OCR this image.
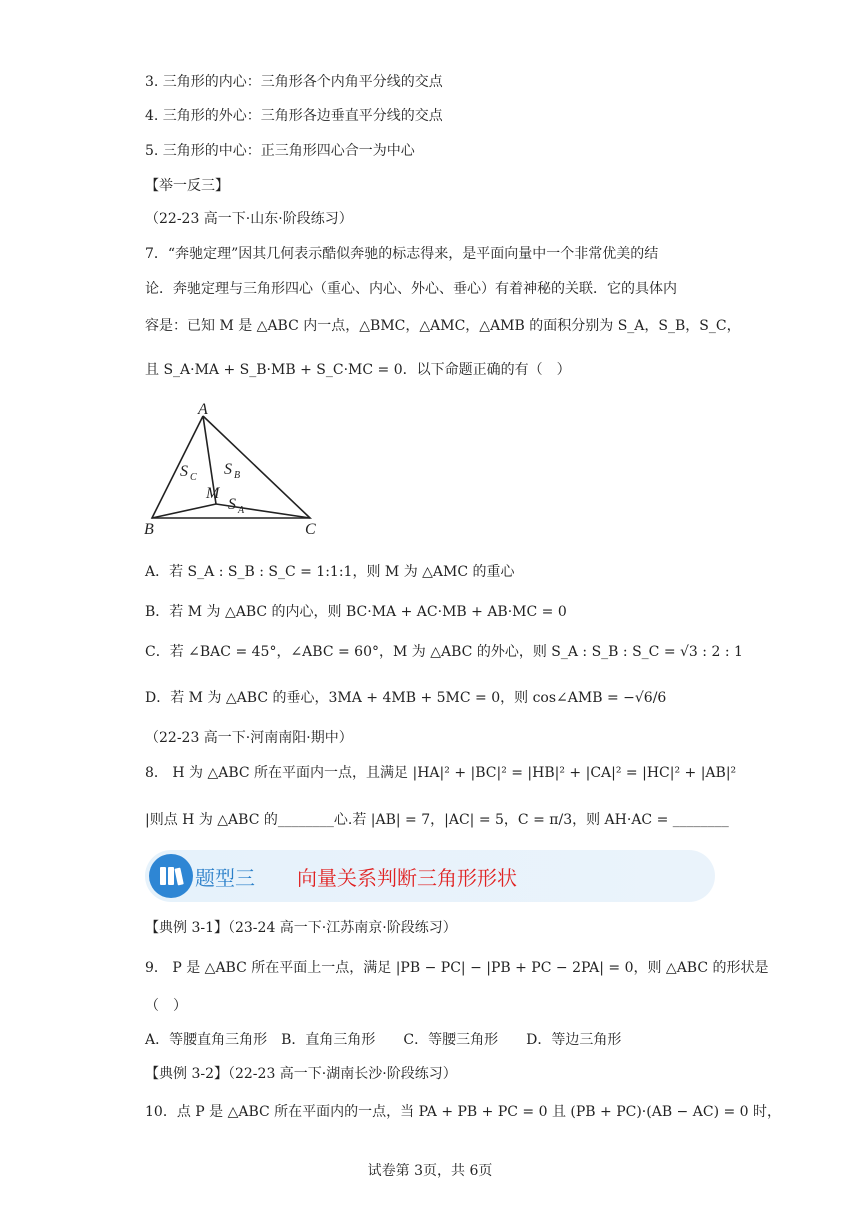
3. 三角形的内心：三角形各个内角平分线的交点
4. 三角形的外心：三角形各边垂直平分线的交点
5. 三角形的中心：正三角形四心合一为中心
【举一反三】
（22-23 高一下·山东·阶段练习）
7．“奔驰定理”因其几何表示酷似奔驰的标志得来，是平面向量中一个非常优美的结
论．奔驰定理与三角形四心（重心、内心、外心、垂心）有着神秘的关联．它的具体内
容是：已知 M 是 △ABC 内一点，△BMC，△AMC，△AMB 的面积分别为 S_A，S_B，S_C，
且 S_A·MA + S_B·MB + S_C·MC = 0．以下命题正确的有（　）
A
B	C
M
S C S B
S A
A．若 S_A : S_B : S_C = 1:1:1，则 M 为 △AMC 的重心
B．若 M 为 △ABC 的内心，则 BC·MA + AC·MB + AB·MC = 0
C．若 ∠BAC = 45°，∠ABC = 60°，M 为 △ABC 的外心，则 S_A : S_B : S_C = √3 : 2 : 1
D．若 M 为 △ABC 的垂心，3MA + 4MB + 5MC = 0，则 cos∠AMB = −√6/6
（22-23 高一下·河南南阳·期中）
8． H 为 △ABC 所在平面内一点，且满足 |HA|² + |BC|² = |HB|² + |CA|² = |HC|² + |AB|²
|则点 H 为 △ABC 的________心.若 |AB| = 7，|AC| = 5，C = π/3，则 AH·AC = ________
题型三 向量关系判断三角形形状
【典例 3-1】（23-24 高一下·江苏南京·阶段练习）
9． P 是 △ABC 所在平面上一点，满足 |PB − PC| − |PB + PC − 2PA| = 0，则 △ABC 的形状是
（　）
A．等腰直角三角形　B．直角三角形　　C．等腰三角形　　D．等边三角形
【典例 3-2】（22-23 高一下·湖南长沙·阶段练习）
10．点 P 是 △ABC 所在平面内的一点，当 PA + PB + PC = 0 且 (PB + PC)·(AB − AC) = 0 时，
试卷第 3页，共 6页
